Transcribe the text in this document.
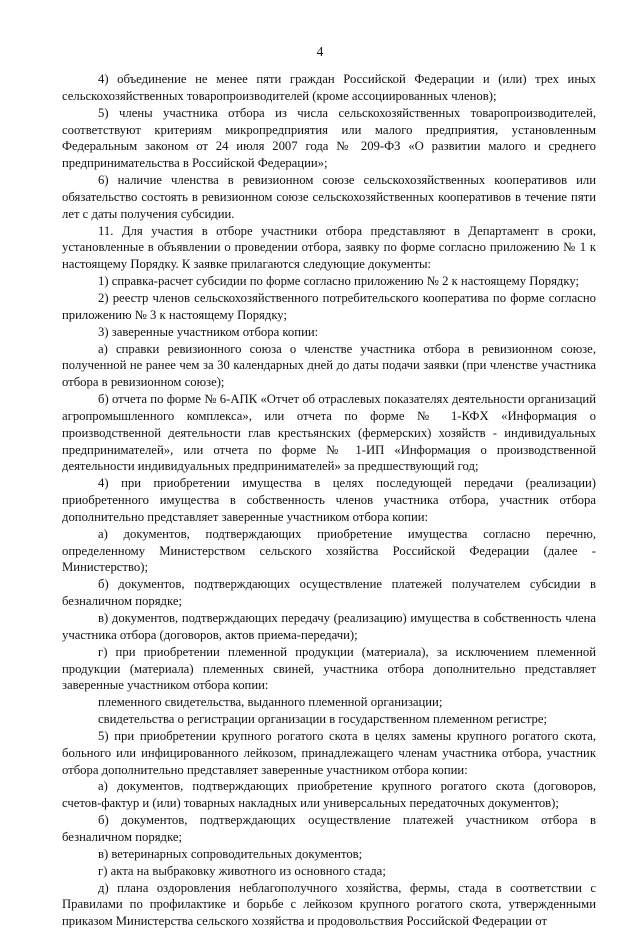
4

4) объединение не менее пяти граждан Российской Федерации и (или) трех иных сельскохозяйственных товаропроизводителей (кроме ассоциированных членов);

5) члены участника отбора из числа сельскохозяйственных товаропроизводителей, соответствуют критериям микропредприятия или малого предприятия, установленным Федеральным законом от 24 июля 2007 года № 209-ФЗ «О развитии малого и среднего предпринимательства в Российской Федерации»;

6) наличие членства в ревизионном союзе сельскохозяйственных кооперативов или обязательство состоять в ревизионном союзе сельскохозяйственных кооперативов в течение пяти лет с даты получения субсидии.

11. Для участия в отборе участники отбора представляют в Департамент в сроки, установленные в объявлении о проведении отбора, заявку по форме согласно приложению № 1 к настоящему Порядку. К заявке прилагаются следующие документы:

1) справка-расчет субсидии по форме согласно приложению № 2 к настоящему Порядку;

2) реестр членов сельскохозяйственного потребительского кооператива по форме согласно приложению № 3 к настоящему Порядку;

3) заверенные участником отбора копии:

а) справки ревизионного союза о членстве участника отбора в ревизионном союзе, полученной не ранее чем за 30 календарных дней до даты подачи заявки (при членстве участника отбора в ревизионном союзе);

б) отчета по форме № 6-АПК «Отчет об отраслевых показателях деятельности организаций агропромышленного комплекса», или отчета по форме № 1-КФХ «Информация о производственной деятельности глав крестьянских (фермерских) хозяйств - индивидуальных предпринимателей», или отчета по форме № 1-ИП «Информация о производственной деятельности индивидуальных предпринимателей» за предшествующий год;

4) при приобретении имущества в целях последующей передачи (реализации) приобретенного имущества в собственность членов участника отбора, участник отбора дополнительно представляет заверенные участником отбора копии:

а) документов, подтверждающих приобретение имущества согласно перечню, определенному Министерством сельского хозяйства Российской Федерации (далее - Министерство);

б) документов, подтверждающих осуществление платежей получателем субсидии в безналичном порядке;

в) документов, подтверждающих передачу (реализацию) имущества в собственность члена участника отбора (договоров, актов приема-передачи);

г) при приобретении племенной продукции (материала), за исключением племенной продукции (материала) племенных свиней, участника отбора дополнительно представляет заверенные участником отбора копии:

племенного свидетельства, выданного племенной организации;

свидетельства о регистрации организации в государственном племенном регистре;

5) при приобретении крупного рогатого скота в целях замены крупного рогатого скота, больного или инфицированного лейкозом, принадлежащего членам участника отбора, участник отбора дополнительно представляет заверенные участником отбора копии:

а) документов, подтверждающих приобретение крупного рогатого скота (договоров, счетов-фактур и (или) товарных накладных или универсальных передаточных документов);

б) документов, подтверждающих осуществление платежей участником отбора в безналичном порядке;

в) ветеринарных сопроводительных документов;

г) акта на выбраковку животного из основного стада;

д) плана оздоровления неблагополучного хозяйства, фермы, стада в соответствии с Правилами по профилактике и борьбе с лейкозом крупного рогатого скота, утвержденными приказом Министерства сельского хозяйства и продовольствия Российской Федерации от
